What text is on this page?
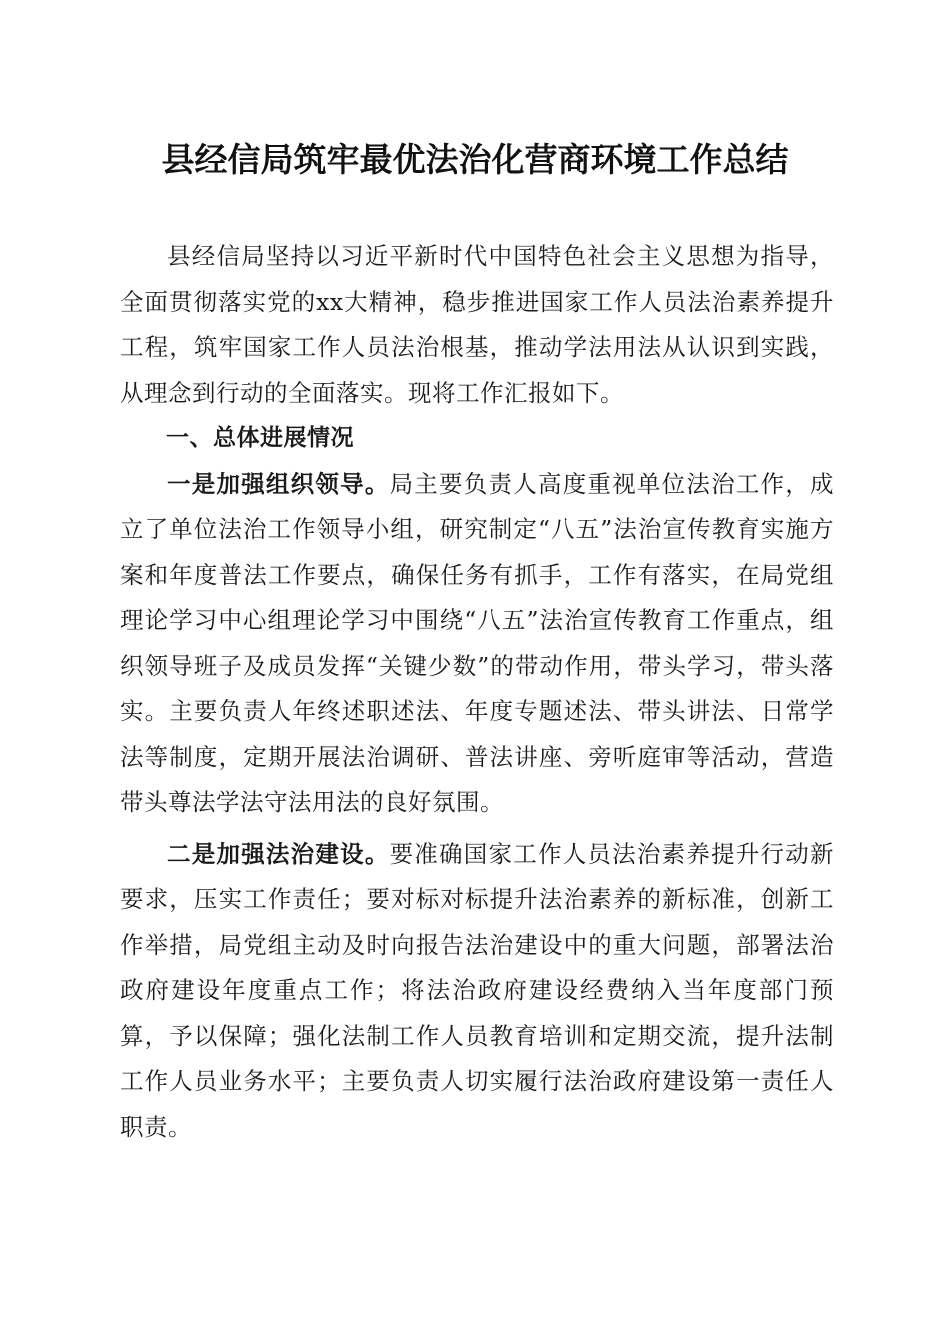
县经信局筑牢最优法治化营商环境工作总结

县经信局坚持以习近平新时代中国特色社会主义思想为指导，全面贯彻落实党的xx大精神，稳步推进国家工作人员法治素养提升工程，筑牢国家工作人员法治根基，推动学法用法从认识到实践，从理念到行动的全面落实。现将工作汇报如下。

一、总体进展情况

一是加强组织领导。局主要负责人高度重视单位法治工作，成立了单位法治工作领导小组，研究制定“八五”法治宣传教育实施方案和年度普法工作要点，确保任务有抓手，工作有落实，在局党组理论学习中心组理论学习中围绕“八五”法治宣传教育工作重点，组织领导班子及成员发挥“关键少数”的带动作用，带头学习，带头落实。主要负责人年终述职述法、年度专题述法、带头讲法、日常学法等制度，定期开展法治调研、普法讲座、旁听庭审等活动，营造带头尊法学法守法用法的良好氛围。

二是加强法治建设。要准确国家工作人员法治素养提升行动新要求，压实工作责任；要对标对标提升法治素养的新标准，创新工作举措，局党组主动及时向报告法治建设中的重大问题，部署法治政府建设年度重点工作；将法治政府建设经费纳入当年度部门预算，予以保障；强化法制工作人员教育培训和定期交流，提升法制工作人员业务水平；主要负责人切实履行法治政府建设第一责任人职责。
